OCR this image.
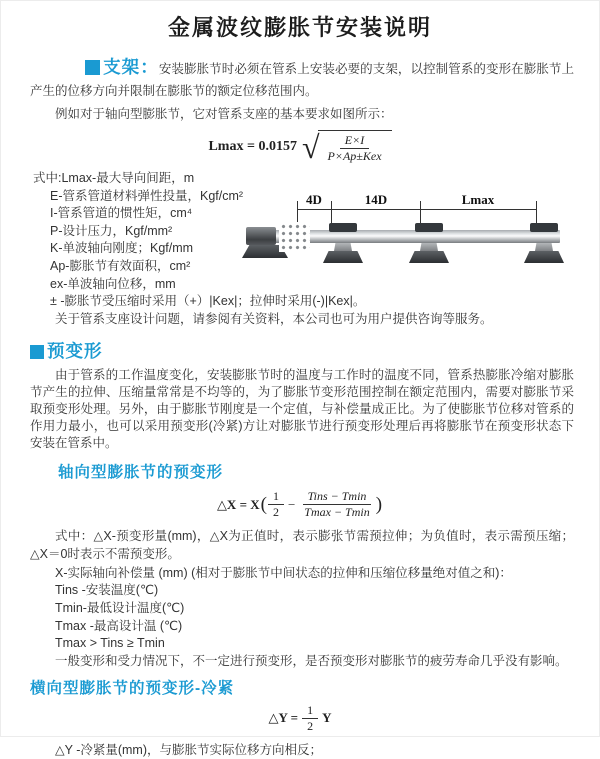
金属波纹膨胀节安装说明

支架：安装膨胀节时必须在管系上安装必要的支架，以控制管系的变形在膨胀节上产生的位移方向并限制在膨胀节的额定位移范围内。

例如对于轴向型膨胀节，它对管系支座的基本要求如图所示：

Lmax = 0.0157 √ $\frac{E\times I}{\text{P×Ap±Kex}}$
式中:Lmax-最大导向间距，m
E-管系管道材料弹性投量，Kgf/cm²
I-管系管道的惯性矩，cm⁴
P-设计压力，Kgf/mm²
K-单波轴向刚度；Kgf/mm
Ap-膨胀节有效面积，cm²
ex-单波轴向位移，mm
± -膨胀节受压缩时采用（+）|Kex|；拉伸时采用(-)|Kex|。
关于管系支座设计问题，请参阅有关资料，本公司也可为用户提供咨询等服务。
4D	14D	Lmax
预变形

由于管系的工作温度变化，安装膨胀节时的温度与工作时的温度不同，管系热膨胀冷缩对膨胀节产生的拉伸、压缩量常常是不均等的，为了膨胀节变形范围控制在额定范围内，需要对膨胀节采取预变形处理。另外，由于膨胀节刚度是一个定值，与补偿量成正比。为了使膨胀节位移对管系的作用力最小，也可以采用预变形(冷紧)方让对膨胀节进行预变形处理后再将膨胀节在预变形状态下安装在管系中。

轴向型膨胀节的预变形
△X = X ( $\frac{1}{2} - \frac{\text{Tins − Tmin}}{Tmax - Tmin}$ )

式中：△X-预变形量(mm)，△X为正值时，表示膨张节需预拉伸；为负值时，表示需预压缩；△X＝0时表示不需预变形。

X-实际轴向补偿量 (mm) (相对于膨胀节中间状态的拉伸和压缩位移量绝对值之和)：
Tins -安装温度(℃)
Tmin-最低设计温度(℃)
Tmax -最高设计温 (℃)
Tmax > Tins ≥ Tmin
一般变形和受力情况下，不一定进行预变形，是否预变形对膨胀节的疲劳寿命几乎没有影响。
横向型膨胀节的预变形-冷紧
△Y = $\frac{1}{2}$ Y
△Y -冷紧量(mm)，与膨胀节实际位移方向相反；
